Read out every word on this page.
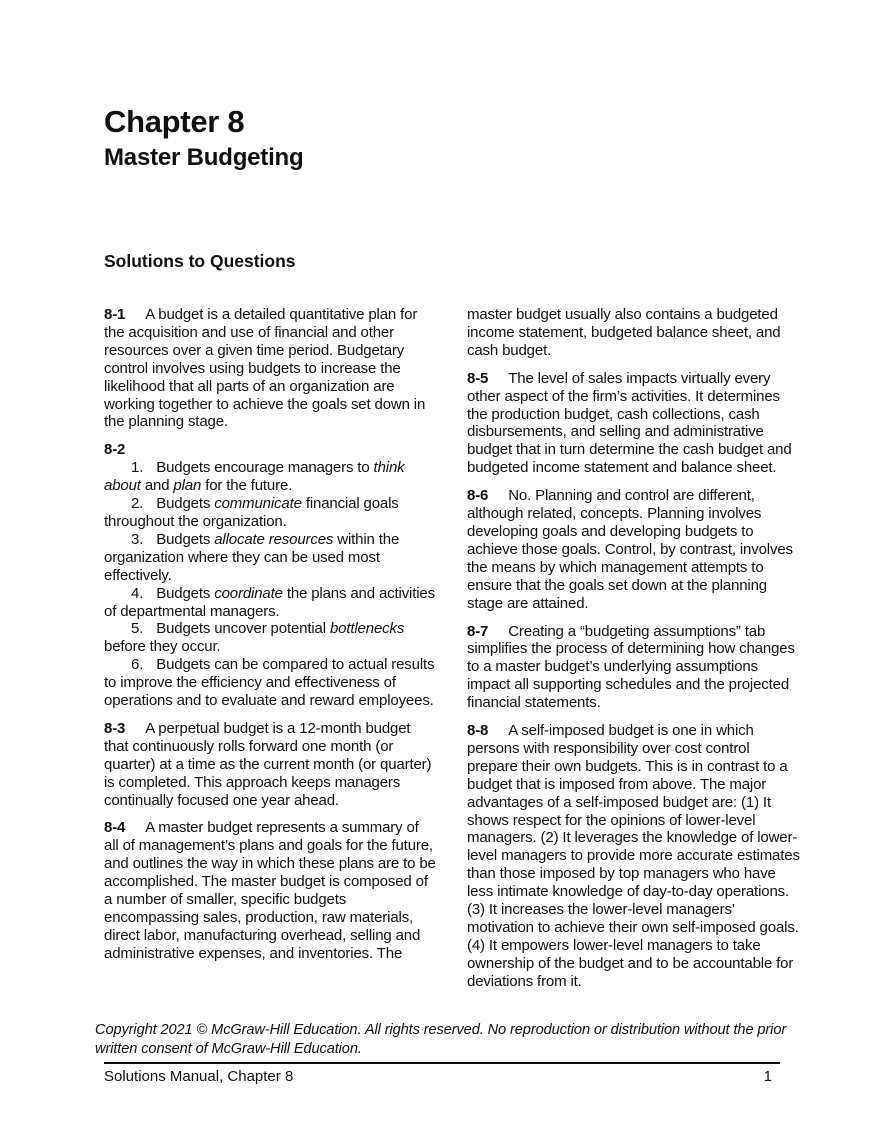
Chapter 8
Master Budgeting
Solutions to Questions

8-1 A budget is a detailed quantitative plan for the acquisition and use of financial and other resources over a given time period. Budgetary control involves using budgets to increase the likelihood that all parts of an organization are working together to achieve the goals set down in the planning stage.

8-2

1. Budgets encourage managers to think about and plan for the future.

2. Budgets communicate financial goals throughout the organization.

3. Budgets allocate resources within the organization where they can be used most effectively.

4. Budgets coordinate the plans and activities of departmental managers.

5. Budgets uncover potential bottlenecks before they occur.

6. Budgets can be compared to actual results to improve the efficiency and effectiveness of operations and to evaluate and reward employees.

8-3 A perpetual budget is a 12-month budget that continuously rolls forward one month (or quarter) at a time as the current month (or quarter) is completed. This approach keeps managers continually focused one year ahead.

8-4 A master budget represents a summary of all of management’s plans and goals for the future, and outlines the way in which these plans are to be accomplished. The master budget is composed of a number of smaller, specific budgets encompassing sales, production, raw materials, direct labor, manufacturing overhead, selling and administrative expenses, and inventories. The

master budget usually also contains a budgeted income statement, budgeted balance sheet, and cash budget.

8-5 The level of sales impacts virtually every other aspect of the firm’s activities. It determines the production budget, cash collections, cash disbursements, and selling and administrative budget that in turn determine the cash budget and budgeted income statement and balance sheet.

8-6 No. Planning and control are different, although related, concepts. Planning involves developing goals and developing budgets to achieve those goals. Control, by contrast, involves the means by which management attempts to ensure that the goals set down at the planning stage are attained.

8-7 Creating a “budgeting assumptions” tab simplifies the process of determining how changes to a master budget’s underlying assumptions impact all supporting schedules and the projected financial statements.

8-8 A self-imposed budget is one in which persons with responsibility over cost control prepare their own budgets. This is in contrast to a budget that is imposed from above. The major advantages of a self-imposed budget are: (1) It shows respect for the opinions of lower-level managers. (2) It leverages the knowledge of lower-level managers to provide more accurate estimates than those imposed by top managers who have less intimate knowledge of day-to-day operations. (3) It increases the lower-level managers’ motivation to achieve their own self-imposed goals. (4) It empowers lower-level managers to take ownership of the budget and to be accountable for deviations from it.

Copyright 2021 © McGraw-Hill Education. All rights reserved. No reproduction or distribution without the prior written consent of McGraw-Hill Education.

Solutions Manual, Chapter 8	1
